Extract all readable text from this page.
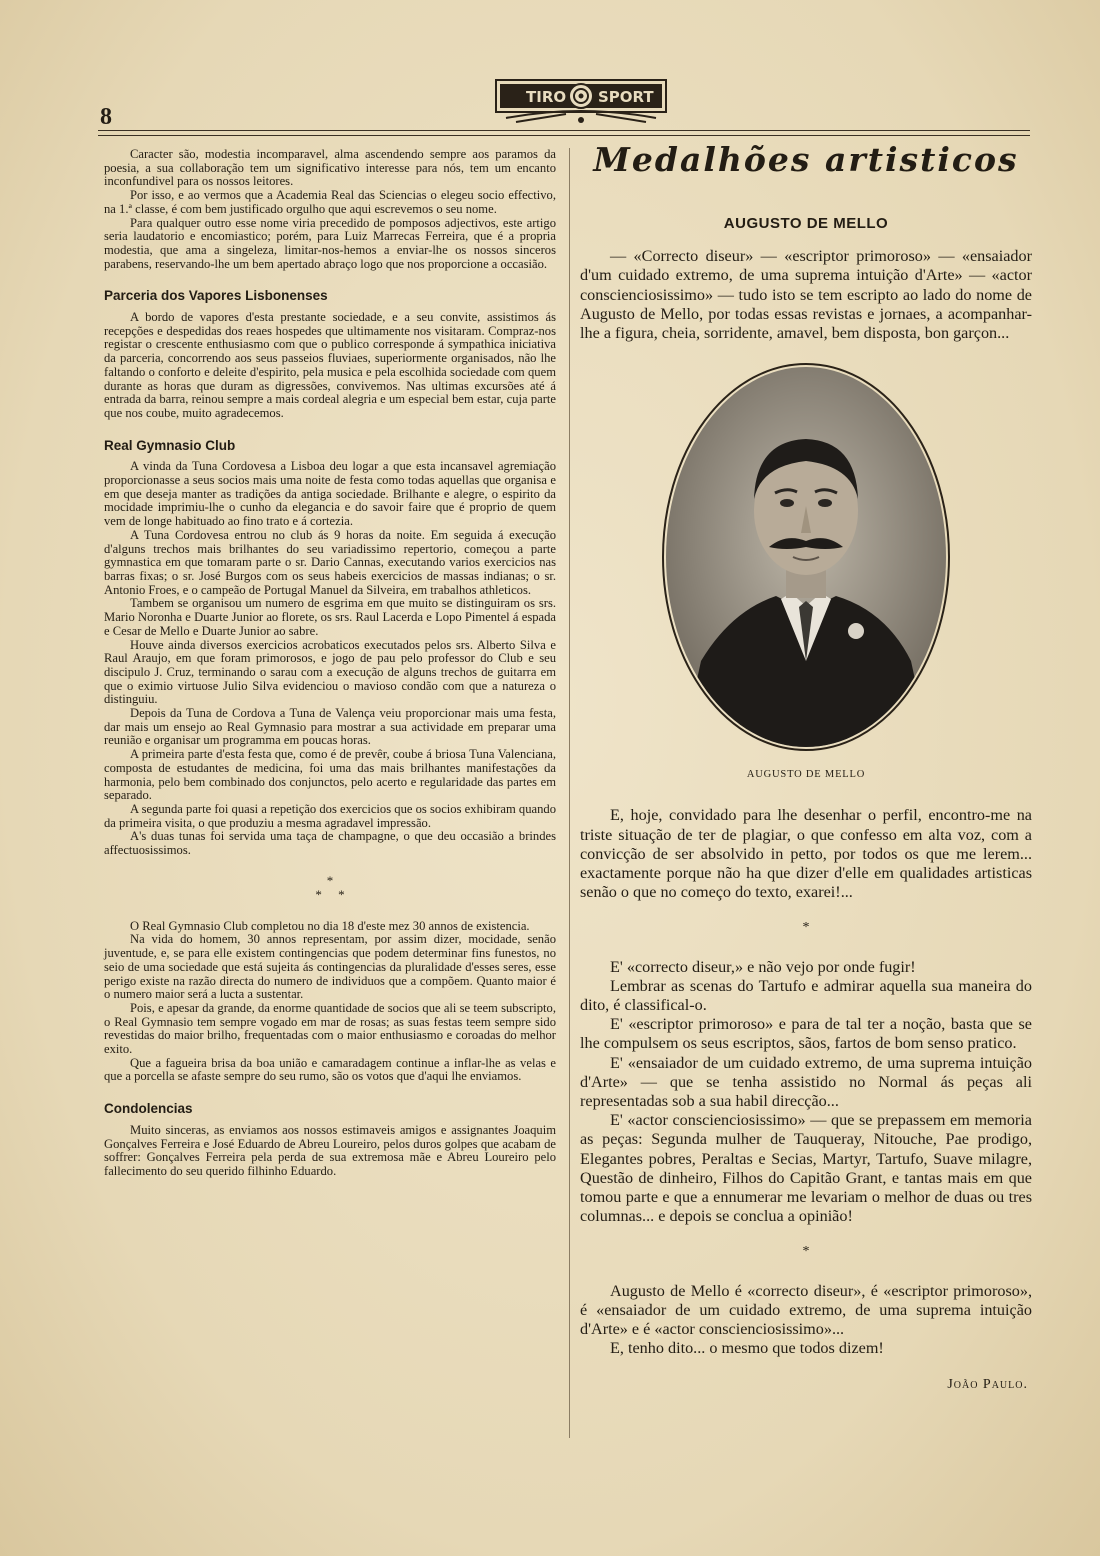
8
TIRO SPORT

Caracter são, modestia incomparavel, alma ascendendo sempre aos paramos da poesia, a sua collaboração tem um significativo interesse para nós, tem um encanto inconfundivel para os nossos leitores.

Por isso, e ao vermos que a Academia Real das Sciencias o elegeu socio effectivo, na 1.ª classe, é com bem justificado orgulho que aqui escrevemos o seu nome.

Para qualquer outro esse nome viria precedido de pomposos adjectivos, este artigo seria laudatorio e encomiastico; porém, para Luiz Marrecas Ferreira, que é a propria modestia, que ama a singeleza, limitar-nos-hemos a enviar-lhe os nossos sinceros parabens, reservando-lhe um bem apertado abraço logo que nos proporcione a occasião.

Parceria dos Vapores Lisbonenses

A bordo de vapores d'esta prestante sociedade, e a seu convite, assistimos ás recepções e despedidas dos reaes hospedes que ultimamente nos visitaram. Compraz-nos registar o crescente enthusiasmo com que o publico corresponde á sympathica iniciativa da parceria, concorrendo aos seus passeios fluviaes, superiormente organisados, não lhe faltando o conforto e deleite d'espirito, pela musica e pela escolhida sociedade com quem durante as horas que duram as digressões, convivemos. Nas ultimas excursões até á entrada da barra, reinou sempre a mais cordeal alegria e um especial bem estar, cuja parte que nos coube, muito agradecemos.

Real Gymnasio Club

A vinda da Tuna Cordovesa a Lisboa deu logar a que esta incansavel agremiação proporcionasse a seus socios mais uma noite de festa como todas aquellas que organisa e em que deseja manter as tradições da antiga sociedade. Brilhante e alegre, o espirito da mocidade imprimiu-lhe o cunho da elegancia e do savoir faire que é proprio de quem vem de longe habituado ao fino trato e á cortezia.

A Tuna Cordovesa entrou no club ás 9 horas da noite. Em seguida á execução d'alguns trechos mais brilhantes do seu variadissimo repertorio, começou a parte gymnastica em que tomaram parte o sr. Dario Cannas, executando varios exercicios nas barras fixas; o sr. José Burgos com os seus habeis exercicios de massas indianas; o sr. Antonio Froes, e o campeão de Portugal Manuel da Silveira, em trabalhos athleticos.

Tambem se organisou um numero de esgrima em que muito se distinguiram os srs. Mario Noronha e Duarte Junior ao florete, os srs. Raul Lacerda e Lopo Pimentel á espada e Cesar de Mello e Duarte Junior ao sabre.

Houve ainda diversos exercicios acrobaticos executados pelos srs. Alberto Silva e Raul Araujo, em que foram primorosos, e jogo de pau pelo professor do Club e seu discipulo J. Cruz, terminando o sarau com a execução de alguns trechos de guitarra em que o eximio virtuose Julio Silva evidenciou o mavioso condão com que a natureza o distinguiu.

Depois da Tuna de Cordova a Tuna de Valença veiu proporcionar mais uma festa, dar mais um ensejo ao Real Gymnasio para mostrar a sua actividade em preparar uma reunião e organisar um programma em poucas horas.

A primeira parte d'esta festa que, como é de prevêr, coube á briosa Tuna Valenciana, composta de estudantes de medicina, foi uma das mais brilhantes manifestações da harmonia, pelo bem combinado dos conjunctos, pelo acerto e regularidade das partes em separado.

A segunda parte foi quasi a repetição dos exercicios que os socios exhibiram quando da primeira visita, o que produziu a mesma agradavel impressão.

A's duas tunas foi servida uma taça de champagne, o que deu occasião a brindes affectuosissimos.

*
*     *

O Real Gymnasio Club completou no dia 18 d'este mez 30 annos de existencia.

Na vida do homem, 30 annos representam, por assim dizer, mocidade, senão juventude, e, se para elle existem contingencias que podem determinar fins funestos, no seio de uma sociedade que está sujeita ás contingencias da pluralidade d'esses seres, esse perigo existe na razão directa do numero de individuos que a compõem. Quanto maior é o numero maior será a lucta a sustentar.

Pois, e apesar da grande, da enorme quantidade de socios que ali se teem subscripto, o Real Gymnasio tem sempre vogado em mar de rosas; as suas festas teem sempre sido revestidas do maior brilho, frequentadas com o maior enthusiasmo e coroadas do melhor exito.

Que a fagueira brisa da boa união e camaradagem continue a inflar-lhe as velas e que a porcella se afaste sempre do seu rumo, são os votos que d'aqui lhe enviamos.

Condolencias

Muito sinceras, as enviamos aos nossos estimaveis amigos e assignantes Joaquim Gonçalves Ferreira e José Eduardo de Abreu Loureiro, pelos duros golpes que acabam de soffrer: Gonçalves Ferreira pela perda de sua extremosa mãe e Abreu Loureiro pelo fallecimento do seu querido filhinho Eduardo.

Medalhões artisticos
AUGUSTO DE MELLO

— «Correcto diseur» — «escriptor primoroso» — «ensaiador d'um cuidado extremo, de uma suprema intuição d'Arte» — «actor conscienciosissimo» — tudo isto se tem escripto ao lado do nome de Augusto de Mello, por todas essas revistas e jornaes, a acompanhar-lhe a figura, cheia, sorridente, amavel, bem disposta, bon garçon...

AUGUSTO DE MELLO

E, hoje, convidado para lhe desenhar o perfil, encontro-me na triste situação de ter de plagiar, o que confesso em alta voz, com a convicção de ser absolvido in petto, por todos os que me lerem... exactamente porque não ha que dizer d'elle em qualidades artisticas senão o que no começo do texto, exarei!...

*

E' «correcto diseur,» e não vejo por onde fugir!

Lembrar as scenas do Tartufo e admirar aquella sua maneira do dito, é classifical-o.

E' «escriptor primoroso» e para de tal ter a noção, basta que se lhe compulsem os seus escriptos, sãos, fartos de bom senso pratico.

E' «ensaiador de um cuidado extremo, de uma suprema intuição d'Arte» — que se tenha assistido no Normal ás peças ali representadas sob a sua habil direcção...

E' «actor conscienciosissimo» — que se prepassem em memoria as peças: Segunda mulher de Tauqueray, Nitouche, Pae prodigo, Elegantes pobres, Peraltas e Secias, Martyr, Tartufo, Suave milagre, Questão de dinheiro, Filhos do Capitão Grant, e tantas mais em que tomou parte e que a ennumerar me levariam o melhor de duas ou tres columnas... e depois se conclua a opinião!

*

Augusto de Mello é «correcto diseur», é «escriptor primoroso», é «ensaiador de um cuidado extremo, de uma suprema intuição d'Arte» e é «actor conscienciosissimo»...

E, tenho dito... o mesmo que todos dizem!

João Paulo.
